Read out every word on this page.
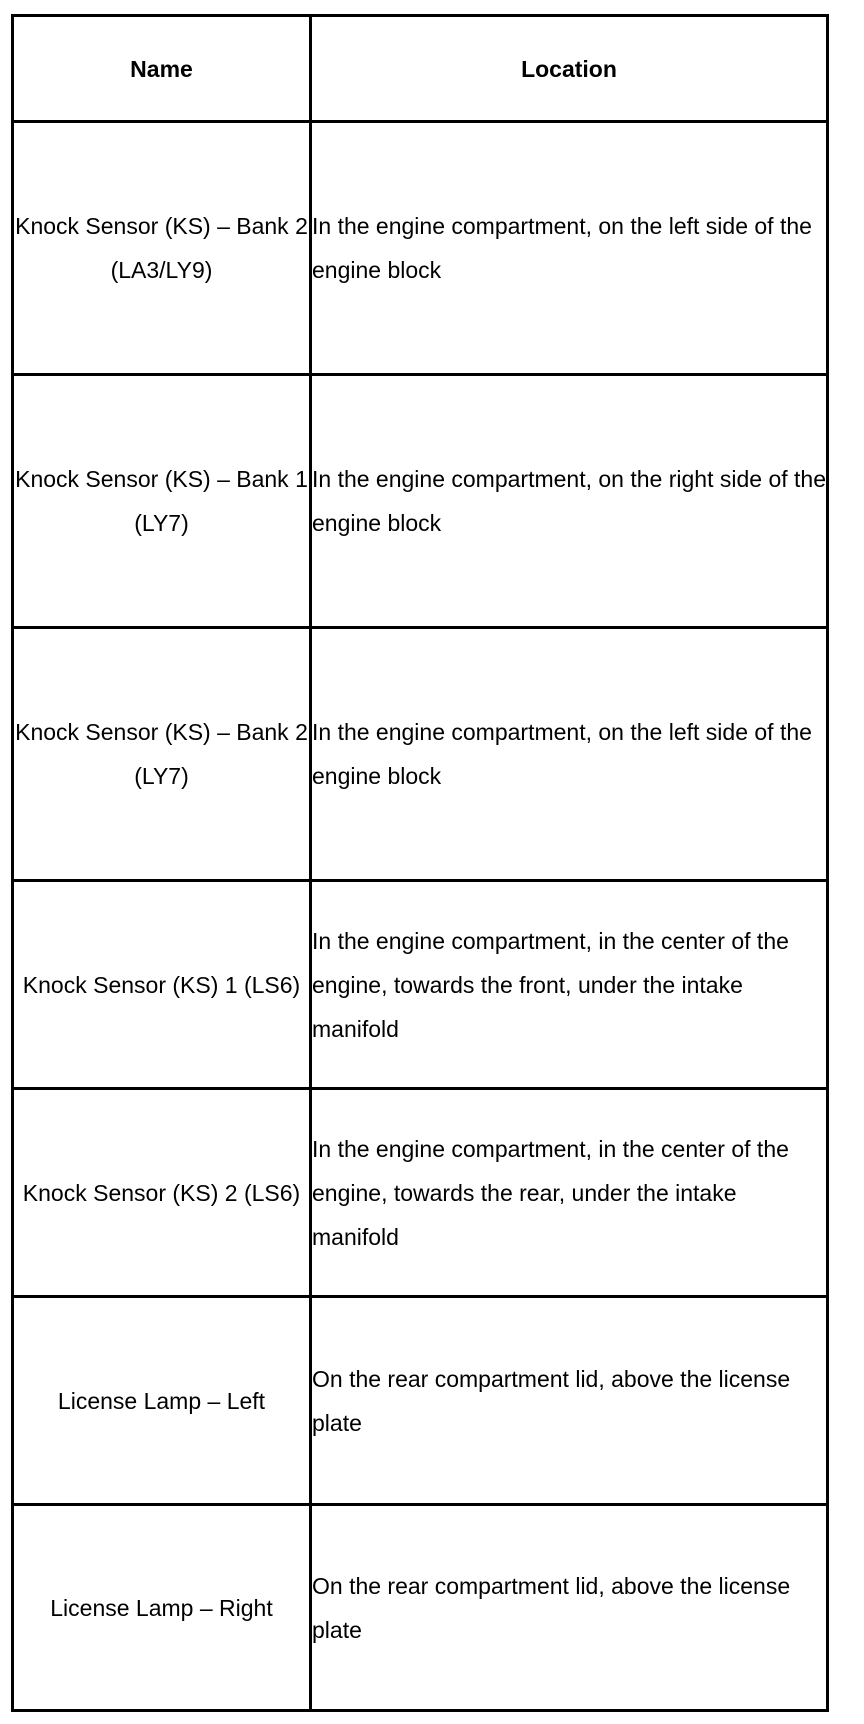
Name	Location
Knock Sensor (KS) – Bank 2 (LA3/LY9)	In the engine compartment, on the left side of the engine block
Knock Sensor (KS) – Bank 1 (LY7)	In the engine compartment, on the right side of the engine block
Knock Sensor (KS) – Bank 2 (LY7)	In the engine compartment, on the left side of the engine block
Knock Sensor (KS) 1 (LS6)	In the engine compartment, in the center of the engine, towards the front, under the intake manifold
Knock Sensor (KS) 2 (LS6)	In the engine compartment, in the center of the engine, towards the rear, under the intake manifold
License Lamp – Left	On the rear compartment lid, above the license plate
License Lamp – Right	On the rear compartment lid, above the license plate
